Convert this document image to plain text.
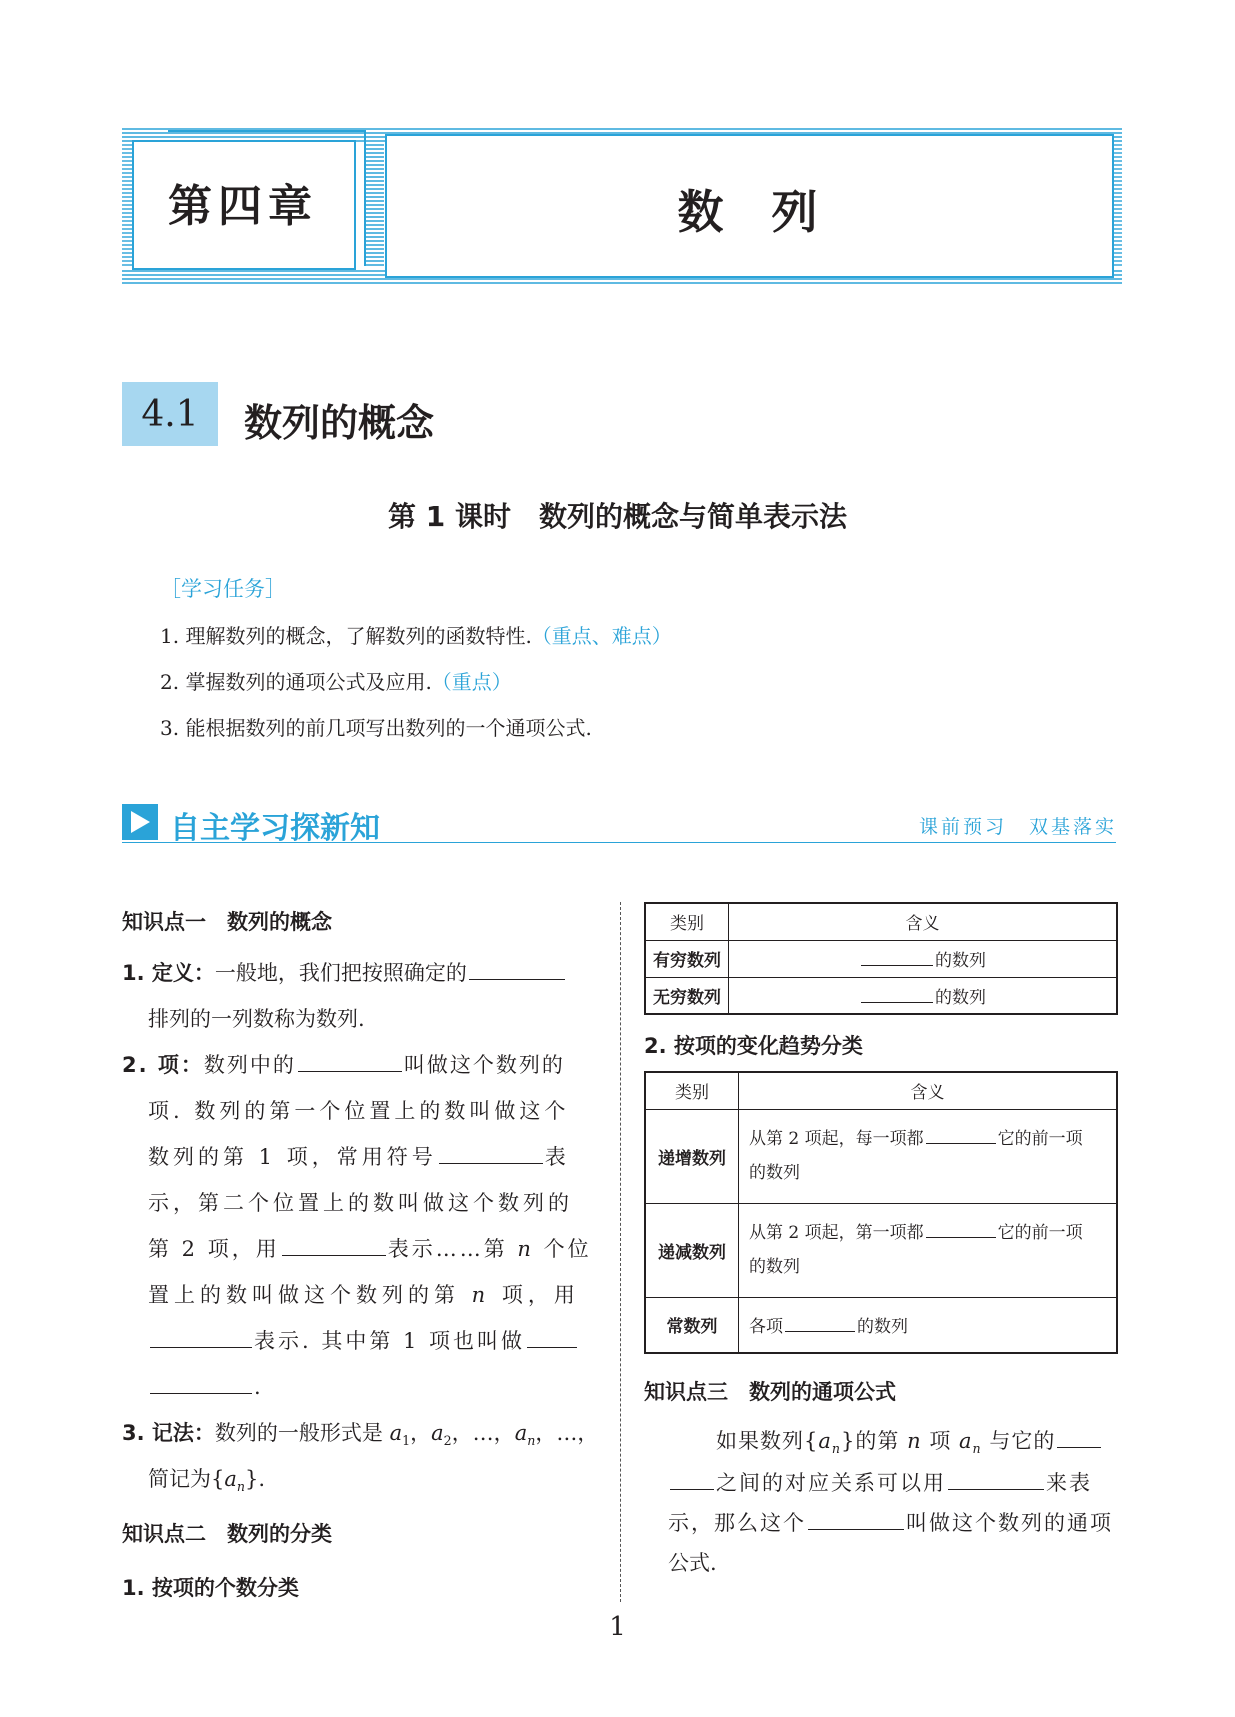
第四章	数列
4.1	数列的概念
第 1 课时　数列的概念与简单表示法
［学习任务］
1. 理解数列的概念，了解数列的函数特性.（重点、难点）
2. 掌握数列的通项公式及应用.（重点）
3. 能根据数列的前几项写出数列的一个通项公式.
自主学习探新知	课前预习　双基落实
知识点一　数列的概念
1. 定义：一般地，我们把按照确定的
排列的一列数称为数列.
2. 项：数列中的	叫做这个数列的
项. 数列的第一个位置上的数叫做这个
数列的第 1 项，常用符号	表
示，第二个位置上的数叫做这个数列的
第 2 项，用	表示……第 n 个位
置上的数叫做这个数列的第 n 项，用
表示. 其中第 1 项也叫做
.
3. 记法：数列的一般形式是 $a_1$，$a_2$，…，$a_n$，…，
简记为$\{a_n\}$.
知识点二　数列的分类
1. 按项的个数分类
类别	含义
有穷数列	的数列
无穷数列	的数列
2. 按项的变化趋势分类
类别	含义
递增数列	从第 2 项起，每一项都 它的前一项
的数列
递减数列	从第 2 项起，第一项都 它的前一项
的数列
常数列	各项 的数列
知识点三　数列的通项公式
如果数列$\{a_n\}$的第 n 项 $a_n$ 与它的
之间的对应关系可以用	来表
示，那么这个	叫做这个数列的通项
公式.
1
